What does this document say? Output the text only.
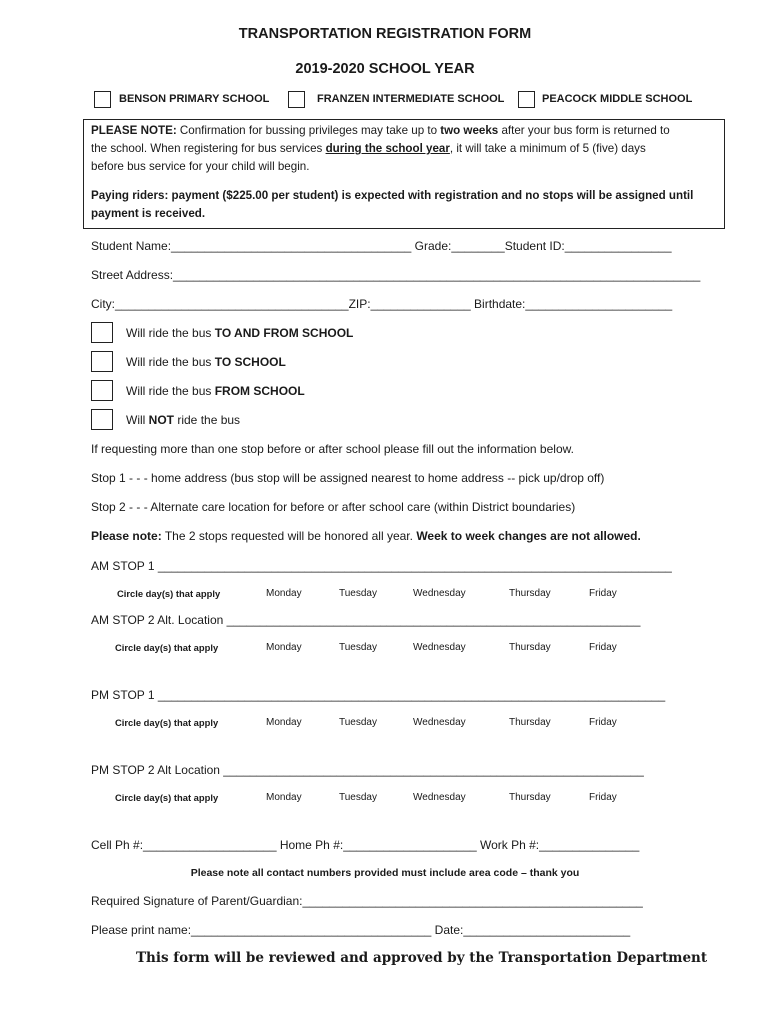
TRANSPORTATION REGISTRATION FORM
2019-2020 SCHOOL YEAR
BENSON PRIMARY SCHOOL	FRANZEN INTERMEDIATE SCHOOL	PEACOCK MIDDLE SCHOOL
PLEASE NOTE: Confirmation for bussing privileges may take up to two weeks after your bus form is returned to
the school. When registering for bus services during the school year, it will take a minimum of 5 (five) days
before bus service for your child will begin.
Paying riders: payment ($225.00 per student) is expected with registration and no stops will be assigned until
payment is received.
Student Name:____________________________________ Grade:________Student ID:________________
Street Address:_______________________________________________________________________________
City:___________________________________ZIP:_______________ Birthdate:______________________
Will ride the bus TO AND FROM SCHOOL
Will ride the bus TO SCHOOL
Will ride the bus FROM SCHOOL
Will NOT ride the bus
If requesting more than one stop before or after school please fill out the information below.
Stop 1 - - - home address (bus stop will be assigned nearest to home address -- pick up/drop off)
Stop 2 - - - Alternate care location for before or after school care (within District boundaries)
Please note: The 2 stops requested will be honored all year. Week to week changes are not allowed.
AM STOP 1 _____________________________________________________________________________
Circle day(s) that apply	Monday	Tuesday	Wednesday	Thursday	Friday
AM STOP 2 Alt. Location ______________________________________________________________
Circle day(s) that apply	Monday	Tuesday	Wednesday	Thursday	Friday
PM STOP 1 ____________________________________________________________________________
Circle day(s) that apply	Monday	Tuesday	Wednesday	Thursday	Friday
PM STOP 2 Alt Location _______________________________________________________________
Circle day(s) that apply	Monday	Tuesday	Wednesday	Thursday	Friday
Cell Ph #:____________________ Home Ph #:____________________ Work Ph #:_______________
Please note all contact numbers provided must include area code – thank you
Required Signature of Parent/Guardian:___________________________________________________
Please print name:____________________________________ Date:_________________________
This form will be reviewed and approved by the Transportation Department
